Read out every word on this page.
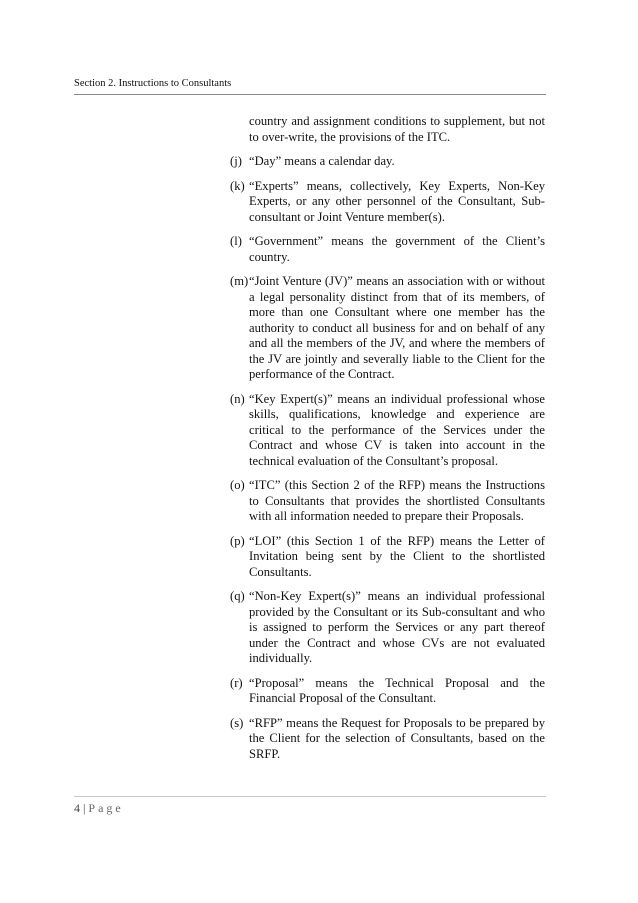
Section 2. Instructions to Consultants
country and assignment conditions to supplement, but not to over-write, the provisions of the ITC.
(j) “Day” means a calendar day.
(k) “Experts” means, collectively, Key Experts, Non-Key Experts, or any other personnel of the Consultant, Sub-consultant or Joint Venture member(s).
(l) “Government” means the government of the Client’s country.
(m) “Joint Venture (JV)” means an association with or without a legal personality distinct from that of its members, of more than one Consultant where one member has the authority to conduct all business for and on behalf of any and all the members of the JV, and where the members of the JV are jointly and severally liable to the Client for the performance of the Contract.
(n) “Key Expert(s)” means an individual professional whose skills, qualifications, knowledge and experience are critical to the performance of the Services under the Contract and whose CV is taken into account in the technical evaluation of the Consultant’s proposal.
(o) “ITC” (this Section 2 of the RFP) means the Instructions to Consultants that provides the shortlisted Consultants with all information needed to prepare their Proposals.
(p) “LOI” (this Section 1 of the RFP) means the Letter of Invitation being sent by the Client to the shortlisted Consultants.
(q) “Non-Key Expert(s)” means an individual professional provided by the Consultant or its Sub-consultant and who is assigned to perform the Services or any part thereof under the Contract and whose CVs are not evaluated individually.
(r) “Proposal” means the Technical Proposal and the Financial Proposal of the Consultant.
(s) “RFP” means the Request for Proposals to be prepared by the Client for the selection of Consultants, based on the SRFP.
4 | Page
